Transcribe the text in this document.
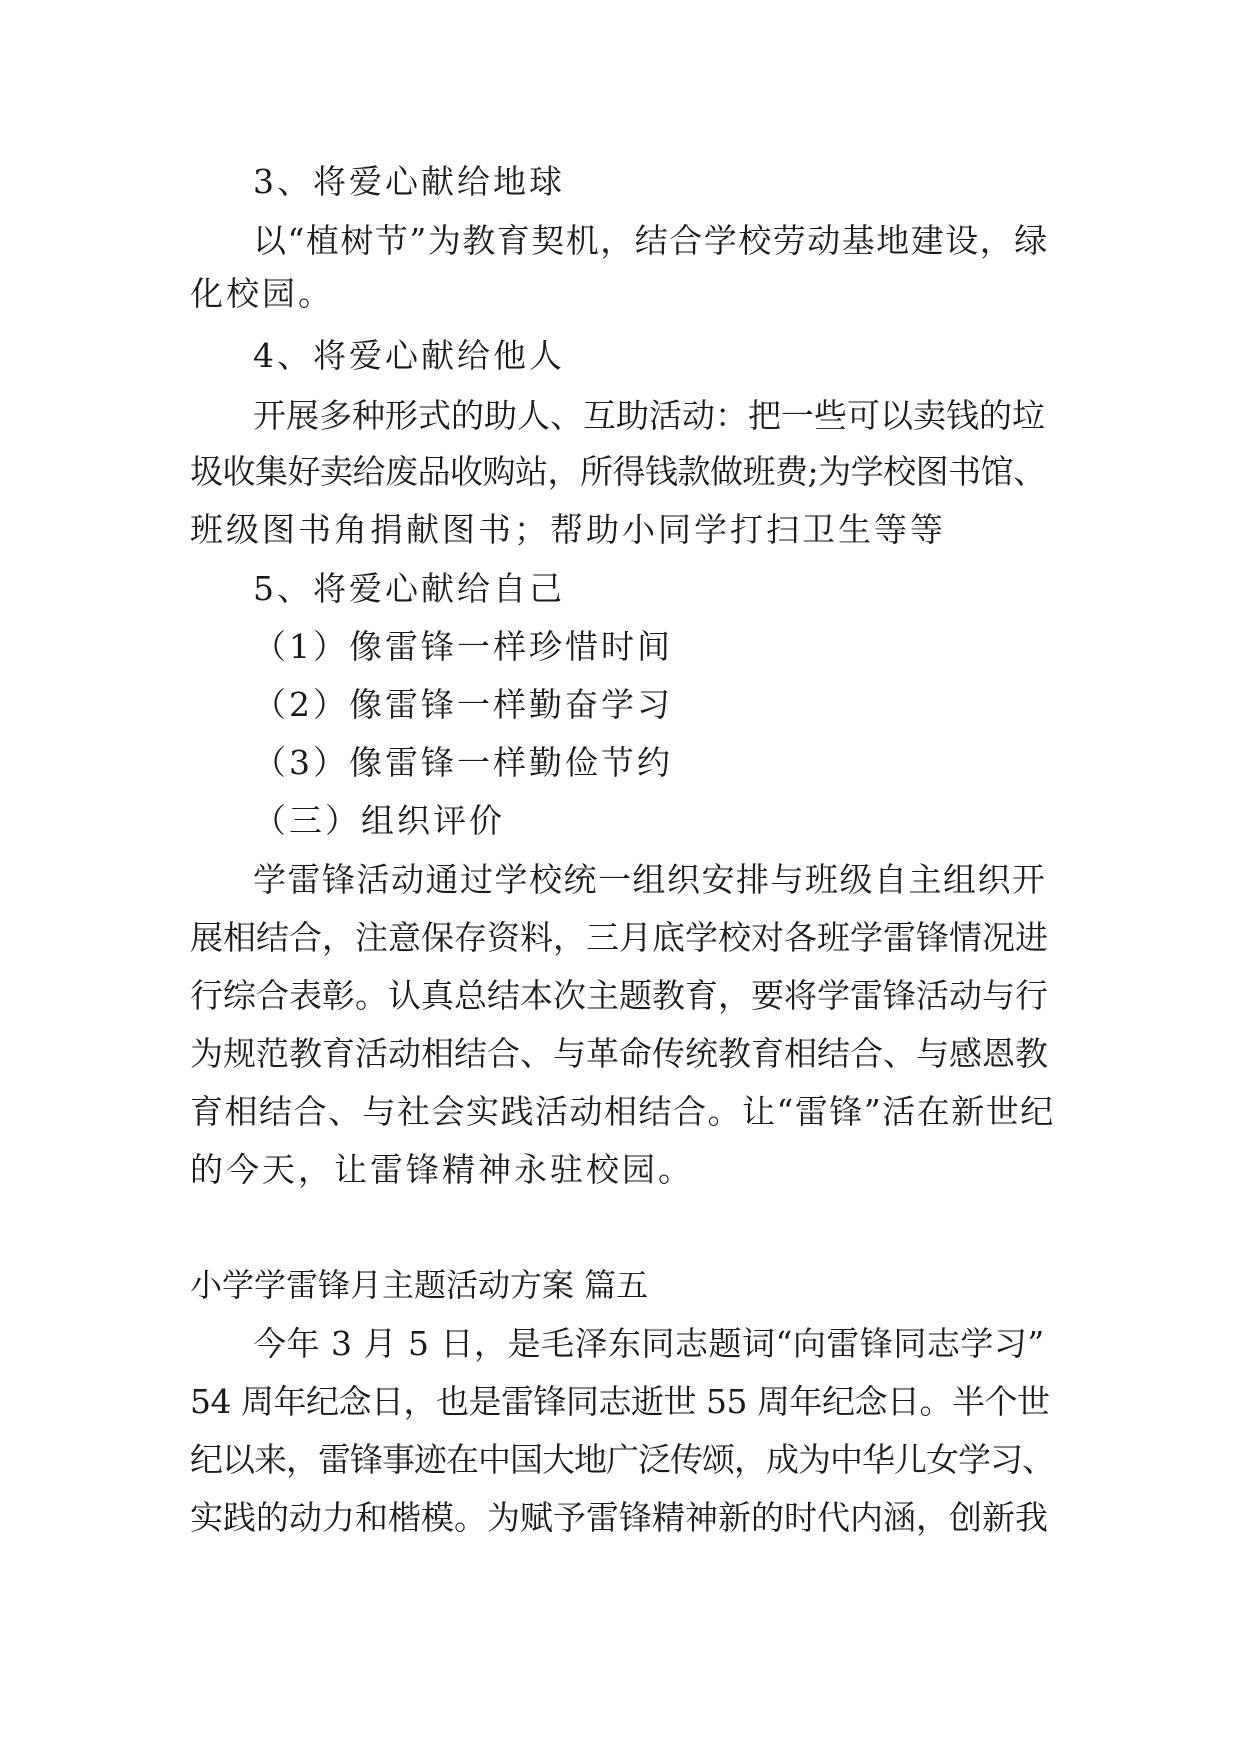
3、将爱心献给地球
以“植树节”为教育契机，结合学校劳动基地建设，绿
化校园。
4、将爱心献给他人
开展多种形式的助人、互助活动：把一些可以卖钱的垃
圾收集好卖给废品收购站，所得钱款做班费;为学校图书馆、
班级图书角捐献图书；帮助小同学打扫卫生等等
5、将爱心献给自己
（1）像雷锋一样珍惜时间
（2）像雷锋一样勤奋学习
（3）像雷锋一样勤俭节约
（三）组织评价
学雷锋活动通过学校统一组织安排与班级自主组织开
展相结合，注意保存资料，三月底学校对各班学雷锋情况进
行综合表彰。认真总结本次主题教育，要将学雷锋活动与行
为规范教育活动相结合、与革命传统教育相结合、与感恩教
育相结合、与社会实践活动相结合。让“雷锋”活在新世纪
的今天，让雷锋精神永驻校园。
小学学雷锋月主题活动方案 篇五
今年 3 月 5 日，是毛泽东同志题词“向雷锋同志学习”
54 周年纪念日，也是雷锋同志逝世 55 周年纪念日。半个世
纪以来，雷锋事迹在中国大地广泛传颂，成为中华儿女学习、
实践的动力和楷模。为赋予雷锋精神新的时代内涵，创新我
